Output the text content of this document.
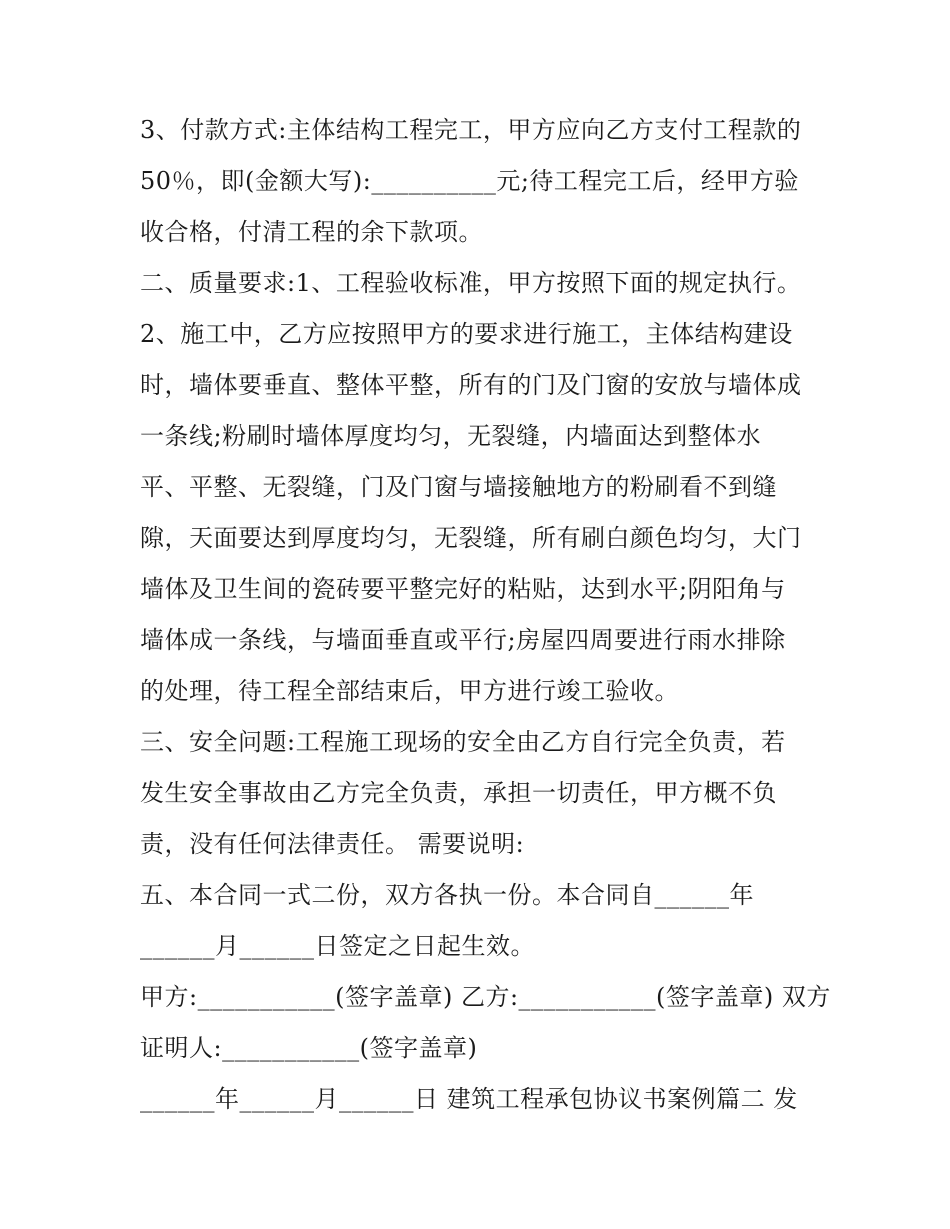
3、付款方式:主体结构工程完工，甲方应向乙方支付工程款的
50％，即(金额大写):__________元;待工程完工后，经甲方验
收合格，付清工程的余下款项。
二、质量要求:1、工程验收标准，甲方按照下面的规定执行。
2、施工中，乙方应按照甲方的要求进行施工，主体结构建设
时，墙体要垂直、整体平整，所有的门及门窗的安放与墙体成
一条线;粉刷时墙体厚度均匀，无裂缝，内墙面达到整体水
平、平整、无裂缝，门及门窗与墙接触地方的粉刷看不到缝
隙，天面要达到厚度均匀，无裂缝，所有刷白颜色均匀，大门
墙体及卫生间的瓷砖要平整完好的粘贴，达到水平;阴阳角与
墙体成一条线，与墙面垂直或平行;房屋四周要进行雨水排除
的处理，待工程全部结束后，甲方进行竣工验收。
三、安全问题:工程施工现场的安全由乙方自行完全负责，若
发生安全事故由乙方完全负责，承担一切责任，甲方概不负
责，没有任何法律责任。 需要说明:
五、本合同一式二份，双方各执一份。本合同自______年
______月______日签定之日起生效。
甲方:___________(签字盖章) 乙方:___________(签字盖章) 双方
证明人:___________(签字盖章)
______年______月______日 建筑工程承包协议书案例篇二 发
